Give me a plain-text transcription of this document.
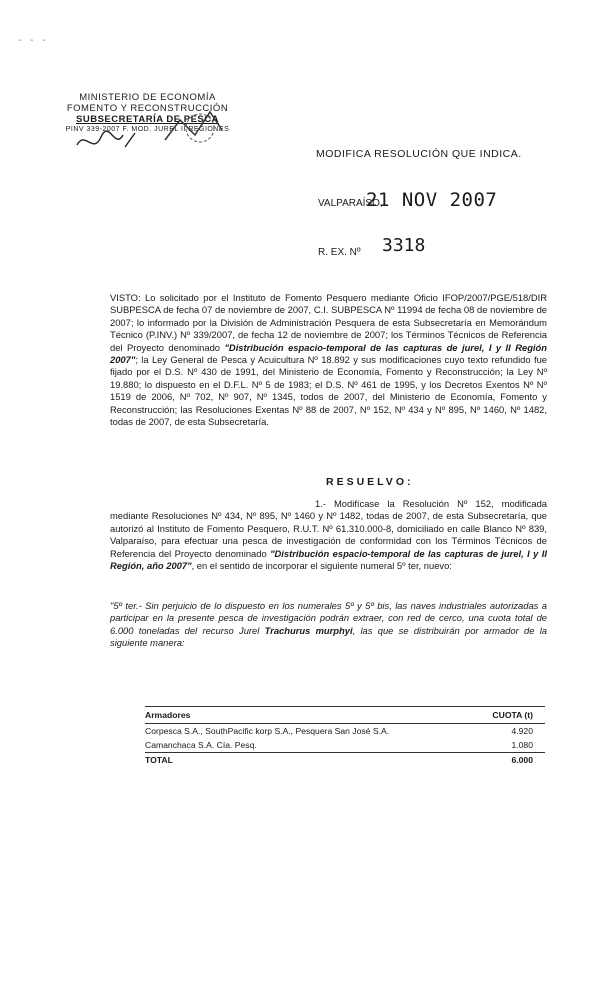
- - -
MINISTERIO DE ECONOMÍA
FOMENTO Y RECONSTRUCCIÓN
SUBSECRETARÍA DE PESCA
PINV 339-2007 F. MOD. JUREL II REGIONES
MODIFICA RESOLUCIÓN QUE INDICA.
VALPARAÍSO,
21 NOV 2007
R. EX. Nº 3318
VISTO: Lo solicitado por el Instituto de Fomento Pesquero mediante Oficio IFOP/2007/PGE/518/DIR SUBPESCA de fecha 07 de noviembre de 2007, C.I. SUBPESCA Nº 11994 de fecha 08 de noviembre de 2007; lo informado por la División de Administración Pesquera de esta Subsecretaría en Memorándum Técnico (P.INV.) Nº 339/2007, de fecha 12 de noviembre de 2007; los Términos Técnicos de Referencia del Proyecto denominado "Distribución espacio-temporal de las capturas de jurel, I y II Región 2007"; la Ley General de Pesca y Acuicultura Nº 18.892 y sus modificaciones cuyo texto refundido fue fijado por el D.S. Nº 430 de 1991, del Ministerio de Economía, Fomento y Reconstrucción; la Ley Nº 19.880; lo dispuesto en el D.F.L. Nº 5 de 1983; el D.S. Nº 461 de 1995, y los Decretos Exentos Nº Nº 1519 de 2006, Nº 702, Nº 907, Nº 1345, todos de 2007, del Ministerio de Economía, Fomento y Reconstrucción; las Resoluciones Exentas Nº 88 de 2007, Nº 152, Nº 434 y Nº 895, Nº 1460, Nº 1482, todas de 2007, de esta Subsecretaría.
RESUELVO:
1.- Modifícase la Resolución Nº 152, modificada mediante Resoluciones Nº 434, Nº 895, Nº 1460 y Nº 1482, todas de 2007, de esta Subsecretaría, que autorizó al Instituto de Fomento Pesquero, R.U.T. Nº 61.310.000-8, domiciliado en calle Blanco Nº 839, Valparaíso, para efectuar una pesca de investigación de conformidad con los Términos Técnicos de Referencia del Proyecto denominado "Distribución espacio-temporal de las capturas de jurel, I y II Región, año 2007", en el sentido de incorporar el siguiente numeral 5º ter, nuevo:
"5º ter.- Sin perjuicio de lo dispuesto en los numerales 5º y 5º bis, las naves industriales autorizadas a participar en la presente pesca de investigación podrán extraer, con red de cerco, una cuota total de 6.000 toneladas del recurso Jurel Trachurus murphyi, las que se distribuirán por armador de la siguiente manera:
Armadores	CUOTA (t)
Corpesca S.A., SouthPacific korp S.A., Pesquera San José S.A.	4.920
Camanchaca S.A. Cía. Pesq.	1.080
TOTAL	6.000
